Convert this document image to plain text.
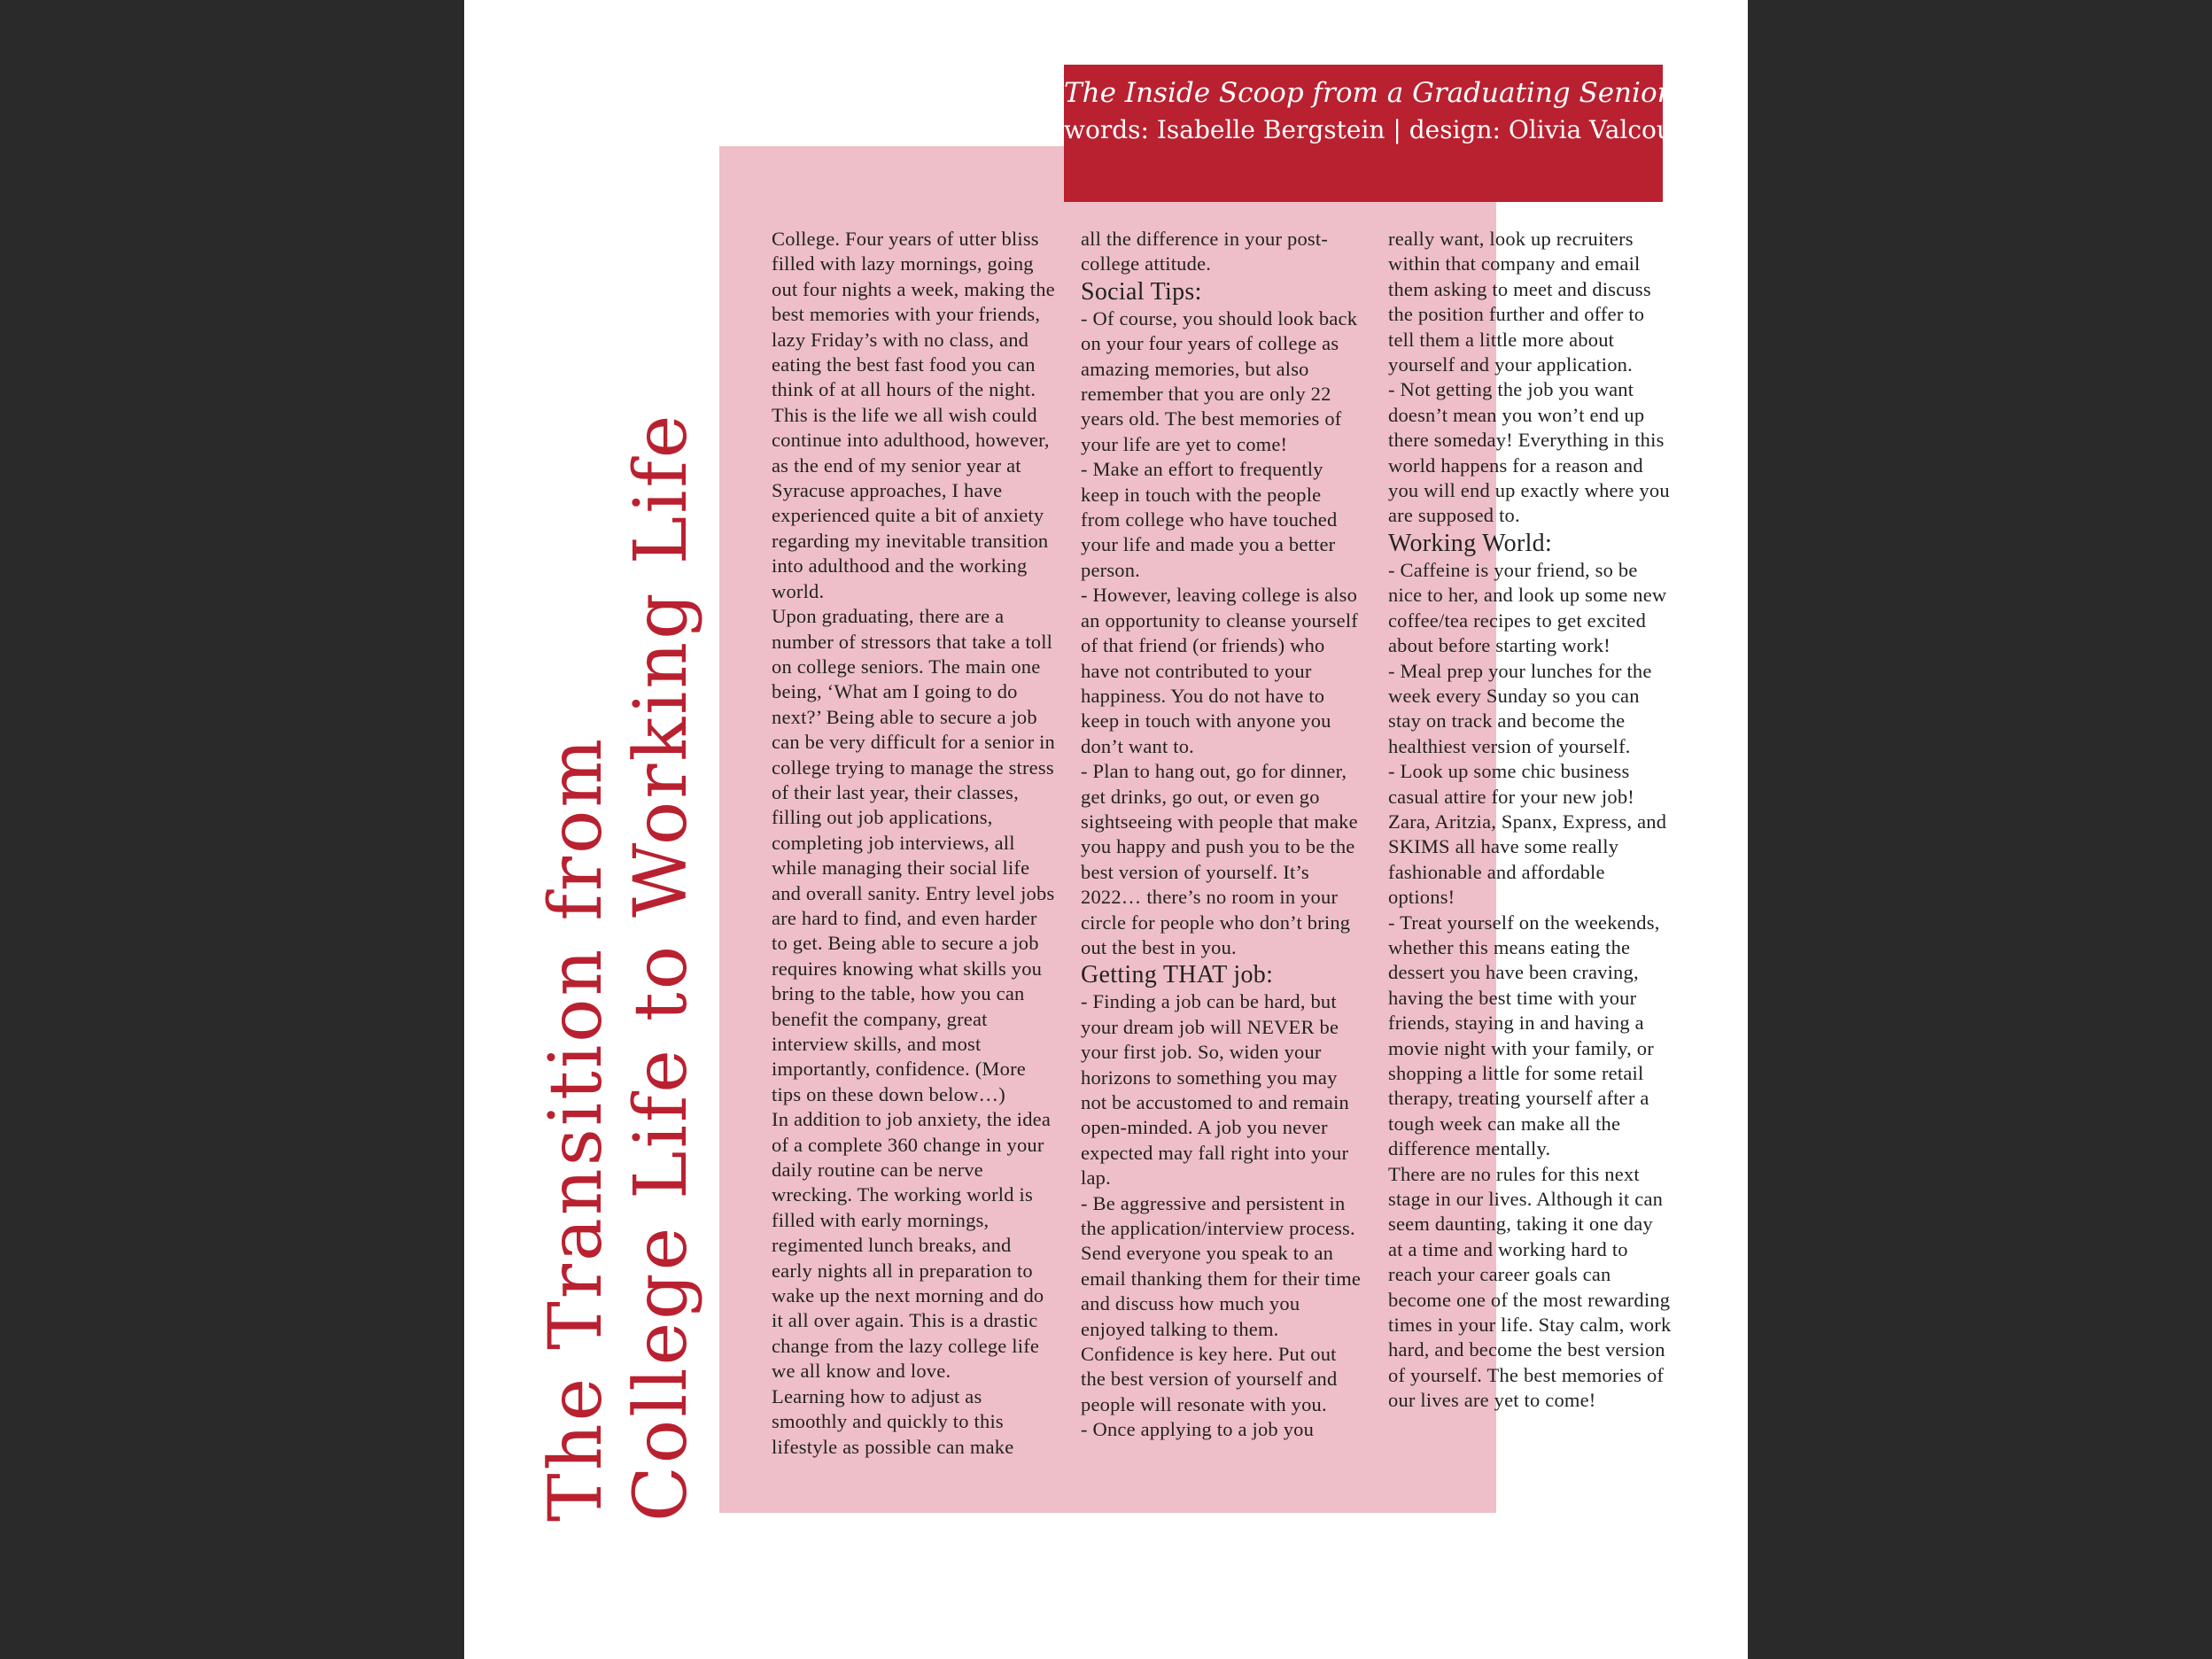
The Inside Scoop from a Graduating Senior
words: Isabelle Bergstein | design: Olivia Valcourt
The Transition from College Life to Working Life

College. Four years of utter bliss filled with lazy mornings, going out four nights a week, making the best memories with your friends, lazy Friday’s with no class, and eating the best fast food you can think of at all hours of the night. This is the life we all wish could continue into adulthood, however, as the end of my senior year at Syracuse approaches, I have experienced quite a bit of anxiety regarding my inevitable transition into adulthood and the working world.

Upon graduating, there are a number of stressors that take a toll on college seniors. The main one being, ‘What am I going to do next?’ Being able to secure a job can be very difficult for a senior in college trying to manage the stress of their last year, their classes, filling out job applications, completing job interviews, all while managing their social life and overall sanity. Entry level jobs are hard to find, and even harder to get. Being able to secure a job requires knowing what skills you bring to the table, how you can benefit the company, great interview skills, and most importantly, confidence. (More tips on these down below…)

In addition to job anxiety, the idea of a complete 360 change in your daily routine can be nerve wrecking. The working world is filled with early mornings, regimented lunch breaks, and early nights all in preparation to wake up the next morning and do it all over again. This is a drastic change from the lazy college life we all know and love.

Learning how to adjust as smoothly and quickly to this lifestyle as possible can make

all the difference in your post-college attitude.

Social Tips:

- Of course, you should look back on your four years of college as amazing memories, but also remember that you are only 22 years old. The best memories of your life are yet to come!

- Make an effort to frequently keep in touch with the people from college who have touched your life and made you a better person.

- However, leaving college is also an opportunity to cleanse yourself of that friend (or friends) who have not contributed to your happiness. You do not have to keep in touch with anyone you don’t want to.

- Plan to hang out, go for dinner, get drinks, go out, or even go sightseeing with people that make you happy and push you to be the best version of yourself. It’s 2022… there’s no room in your circle for people who don’t bring out the best in you.

Getting THAT job:

- Finding a job can be hard, but your dream job will NEVER be your first job. So, widen your horizons to something you may not be accustomed to and remain open-minded. A job you never expected may fall right into your lap.

- Be aggressive and persistent in the application/interview process. Send everyone you speak to an email thanking them for their time and discuss how much you enjoyed talking to them. Confidence is key here. Put out the best version of yourself and people will resonate with you.

- Once applying to a job you

really want, look up recruiters within that company and email them asking to meet and discuss the position further and offer to tell them a little more about yourself and your application.

- Not getting the job you want doesn’t mean you won’t end up there someday! Everything in this world happens for a reason and you will end up exactly where you are supposed to.

Working World:

- Caffeine is your friend, so be nice to her, and look up some new coffee/tea recipes to get excited about before starting work!

- Meal prep your lunches for the week every Sunday so you can stay on track and become the healthiest version of yourself.

- Look up some chic business casual attire for your new job! Zara, Aritzia, Spanx, Express, and SKIMS all have some really fashionable and affordable options!

- Treat yourself on the weekends, whether this means eating the dessert you have been craving, having the best time with your friends, staying in and having a movie night with your family, or shopping a little for some retail therapy, treating yourself after a tough week can make all the difference mentally.

There are no rules for this next stage in our lives. Although it can seem daunting, taking it one day at a time and working hard to reach your career goals can become one of the most rewarding times in your life. Stay calm, work hard, and become the best version of yourself. The best memories of our lives are yet to come!
